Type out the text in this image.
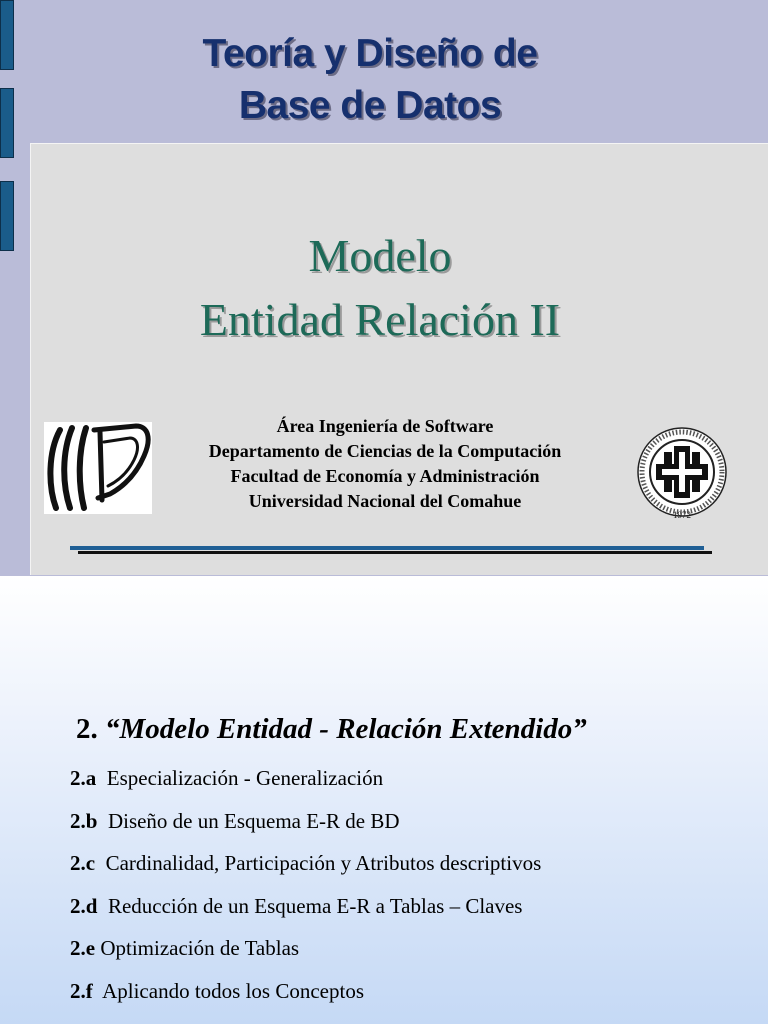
Teoría y Diseño de
Base de Datos
Modelo
Entidad Relación II
Área Ingeniería de Software
Departamento de Ciencias de la Computación
Facultad de Economía y Administración
Universidad Nacional del Comahue
1972
2. “Modelo Entidad - Relación Extendido”
2.a Especialización - Generalización
2.b Diseño de un Esquema E-R de BD
2.c Cardinalidad, Participación y Atributos descriptivos
2.d Reducción de un Esquema E-R a Tablas – Claves
2.e Optimización de Tablas
2.f Aplicando todos los Conceptos
